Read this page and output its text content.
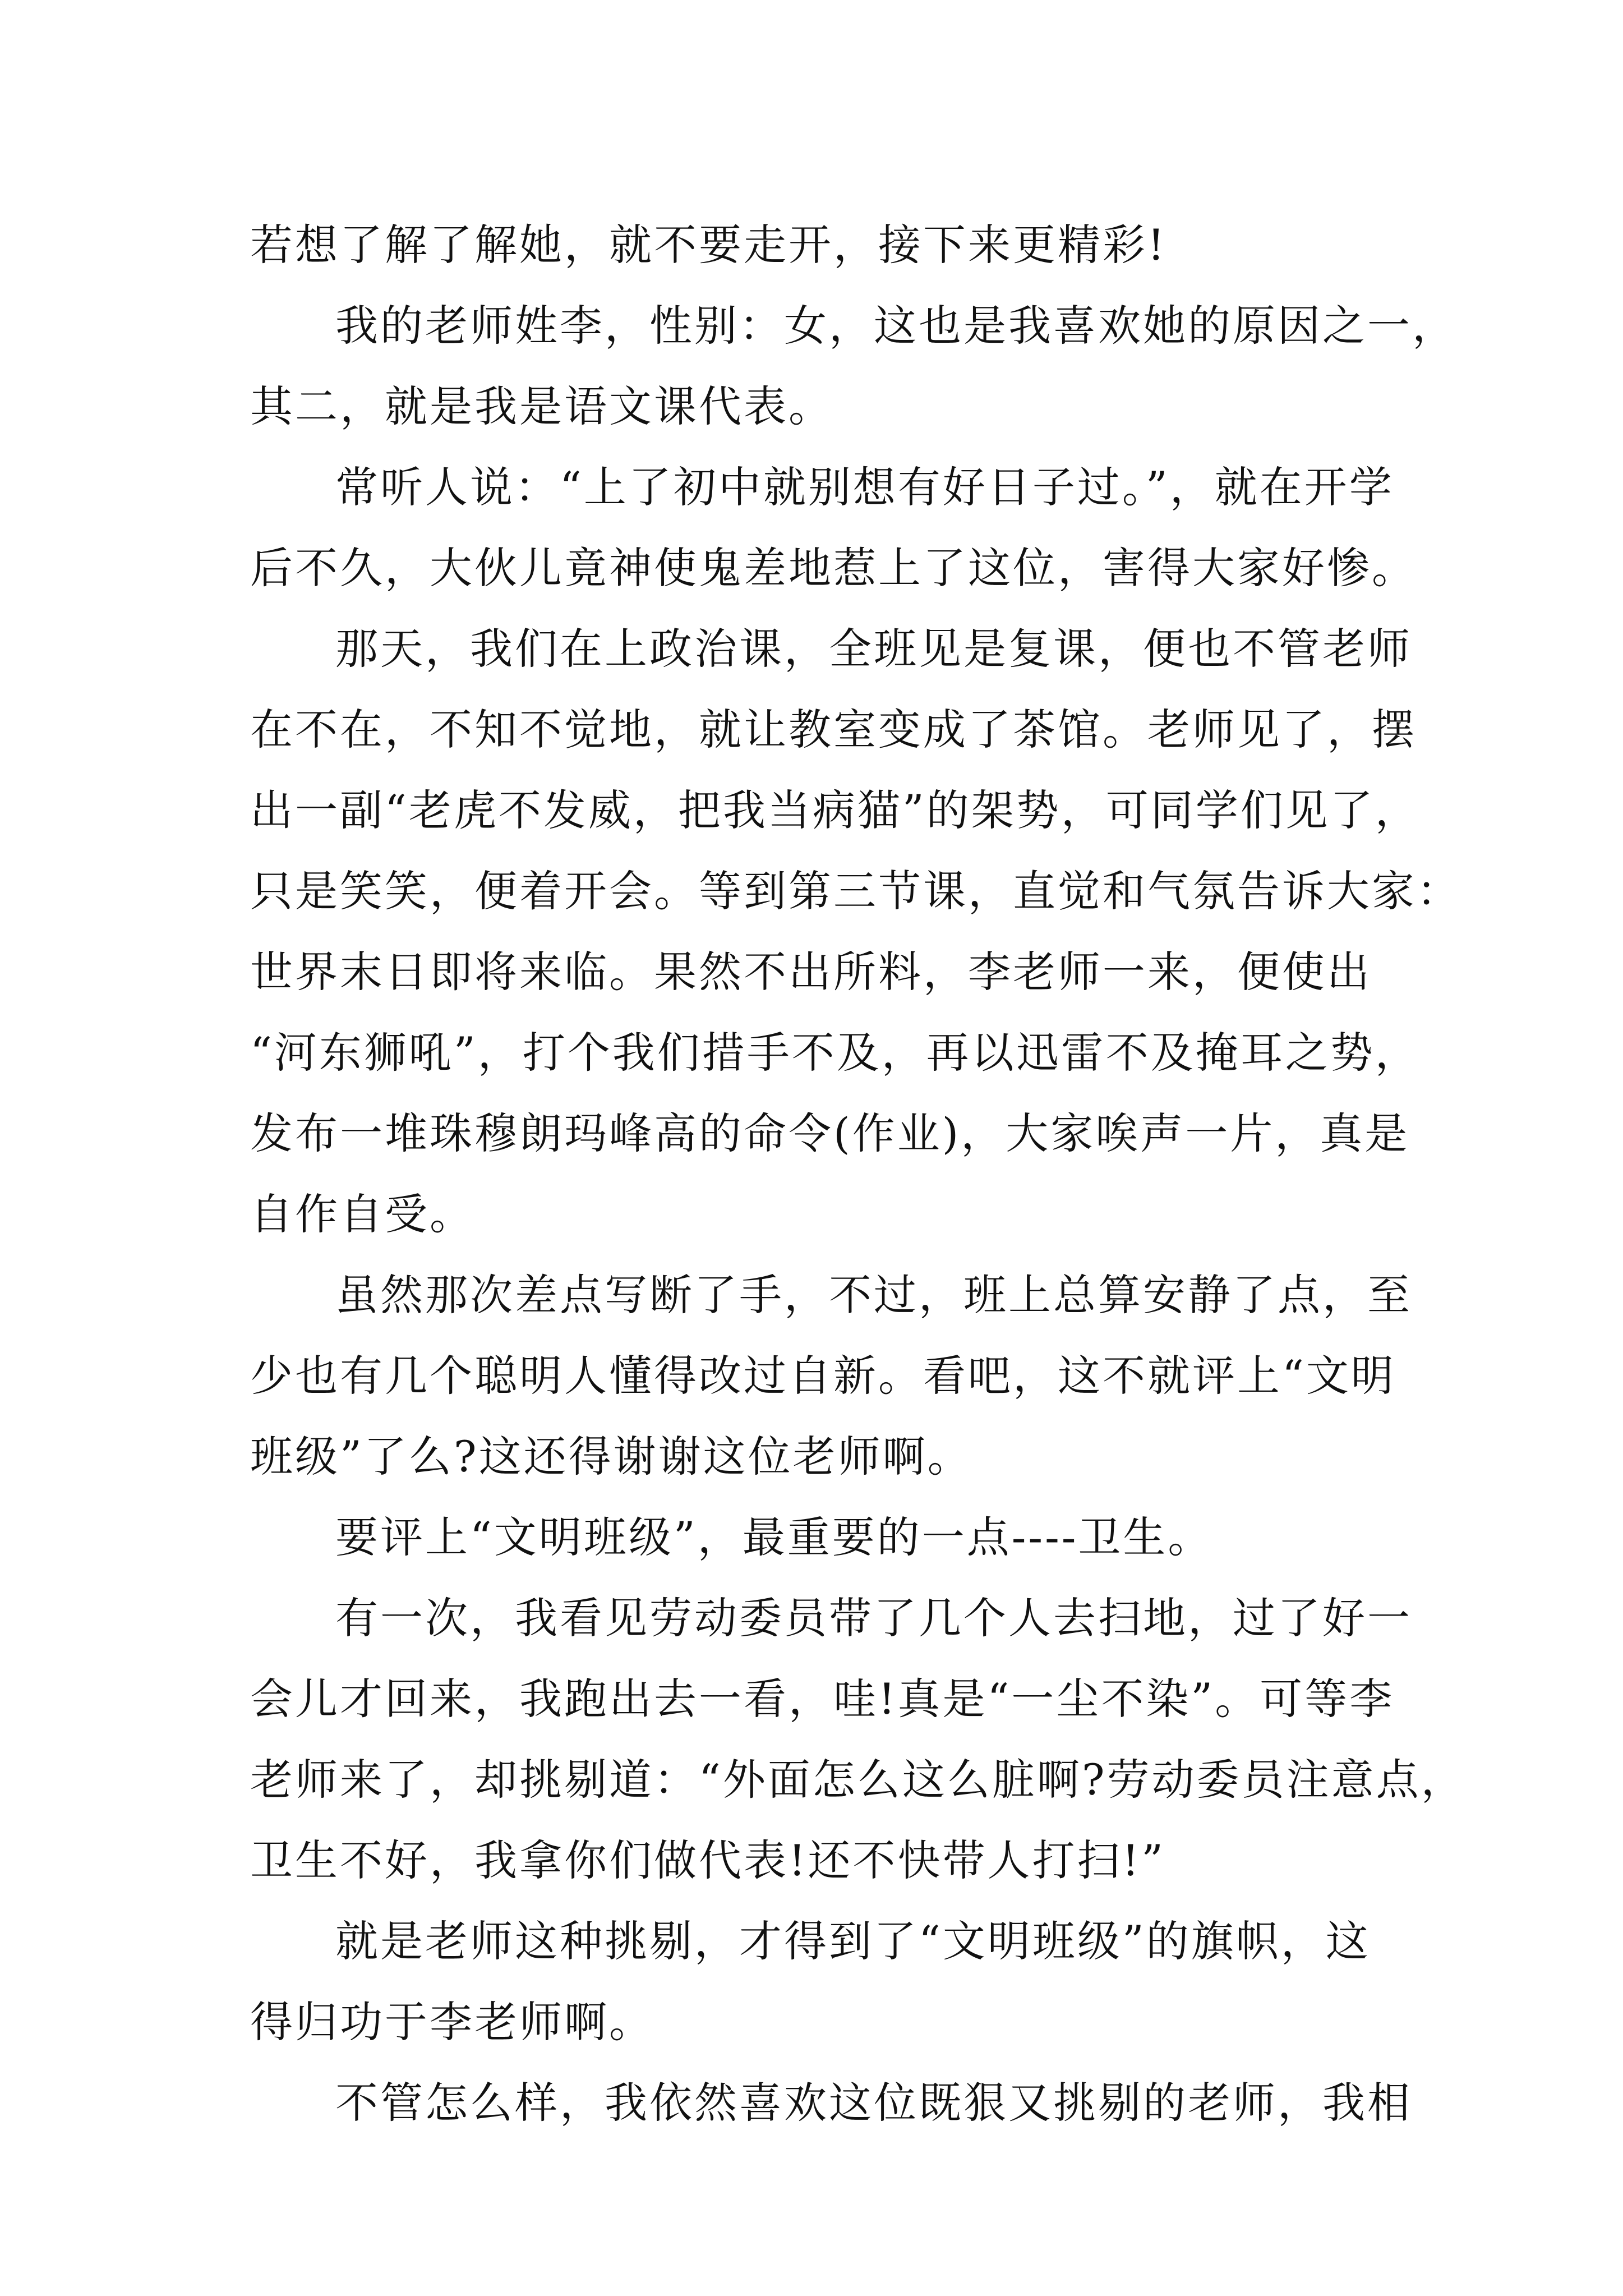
若想了解了解她，就不要走开，接下来更精彩!
我的老师姓李，性别：女，这也是我喜欢她的原因之一，
其二，就是我是语文课代表。
常听人说：“上了初中就别想有好日子过。”，就在开学
后不久，大伙儿竟神使鬼差地惹上了这位，害得大家好惨。
那天，我们在上政治课，全班见是复课，便也不管老师
在不在，不知不觉地，就让教室变成了茶馆。老师见了，摆
出一副“老虎不发威，把我当病猫”的架势，可同学们见了，
只是笑笑，便着开会。等到第三节课，直觉和气氛告诉大家：
世界末日即将来临。果然不出所料，李老师一来，便使出
“河东狮吼”，打个我们措手不及，再以迅雷不及掩耳之势，
发布一堆珠穆朗玛峰高的命令(作业)，大家唉声一片，真是
自作自受。
虽然那次差点写断了手，不过，班上总算安静了点，至
少也有几个聪明人懂得改过自新。看吧，这不就评上“文明
班级”了么?这还得谢谢这位老师啊。
要评上“文明班级”，最重要的一点----卫生。
有一次，我看见劳动委员带了几个人去扫地，过了好一
会儿才回来，我跑出去一看，哇!真是“一尘不染”。可等李
老师来了，却挑剔道：“外面怎么这么脏啊?劳动委员注意点，
卫生不好，我拿你们做代表!还不快带人打扫!”
就是老师这种挑剔，才得到了“文明班级”的旗帜，这
得归功于李老师啊。
不管怎么样，我依然喜欢这位既狠又挑剔的老师，我相
